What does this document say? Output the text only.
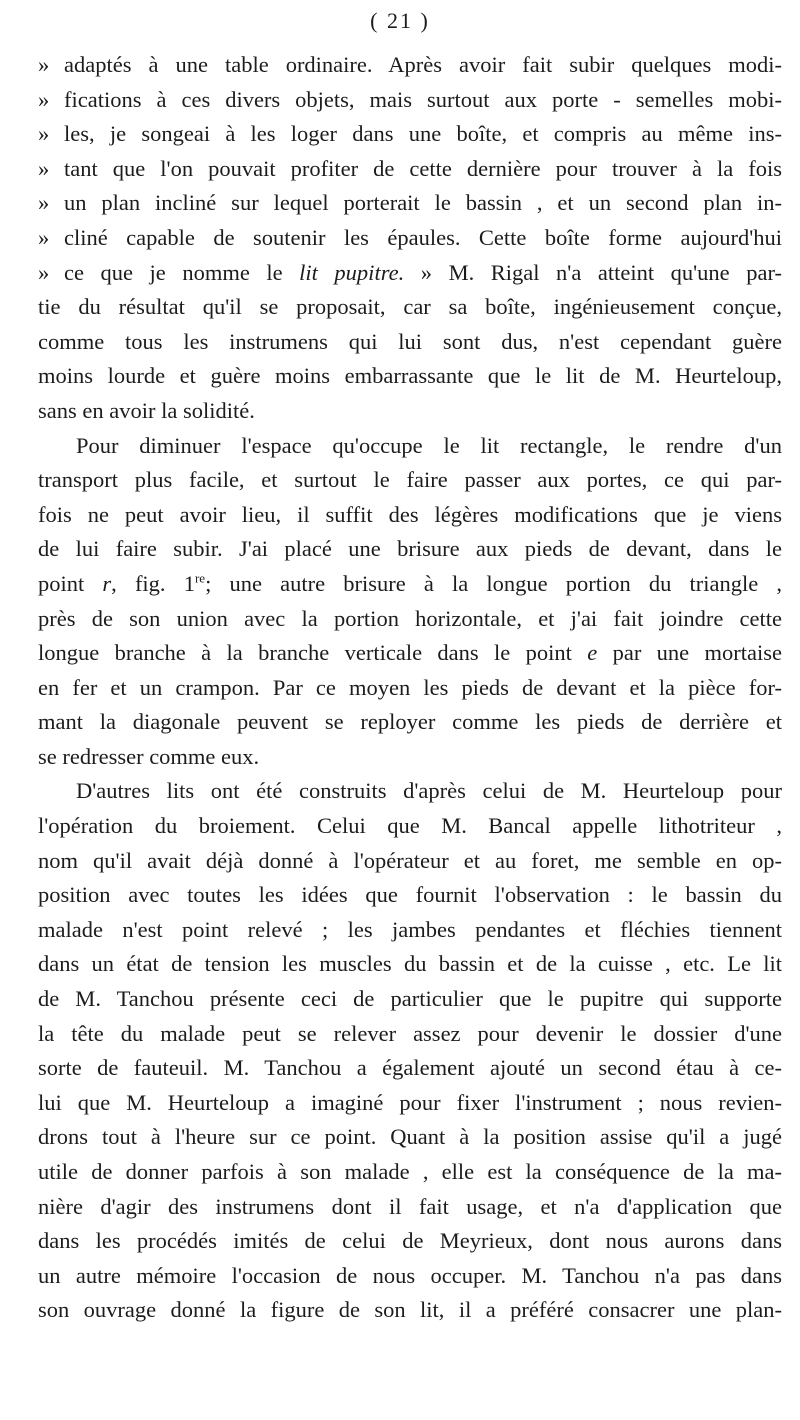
( 21 )
» adaptés à une table ordinaire. Après avoir fait subir quelques modi-
» fications à ces divers objets, mais surtout aux porte - semelles mobi-
» les, je songeai à les loger dans une boîte, et compris au même ins-
» tant que l'on pouvait profiter de cette dernière pour trouver à la fois
» un plan incliné sur lequel porterait le bassin , et un second plan in-
» cliné capable de soutenir les épaules. Cette boîte forme aujourd'hui
» ce que je nomme le lit pupitre. » M. Rigal n'a atteint qu'une par-
tie du résultat qu'il se proposait, car sa boîte, ingénieusement conçue,
comme tous les instrumens qui lui sont dus, n'est cependant guère
moins lourde et guère moins embarrassante que le lit de M. Heurteloup,
sans en avoir la solidité.
Pour diminuer l'espace qu'occupe le lit rectangle, le rendre d'un
transport plus facile, et surtout le faire passer aux portes, ce qui par-
fois ne peut avoir lieu, il suffit des légères modifications que je viens
de lui faire subir. J'ai placé une brisure aux pieds de devant, dans le
point r, fig. 1re; une autre brisure à la longue portion du triangle ,
près de son union avec la portion horizontale, et j'ai fait joindre cette
longue branche à la branche verticale dans le point e par une mortaise
en fer et un crampon. Par ce moyen les pieds de devant et la pièce for-
mant la diagonale peuvent se reployer comme les pieds de derrière et
se redresser comme eux.
D'autres lits ont été construits d'après celui de M. Heurteloup pour
l'opération du broiement. Celui que M. Bancal appelle lithotriteur ,
nom qu'il avait déjà donné à l'opérateur et au foret, me semble en op-
position avec toutes les idées que fournit l'observation : le bassin du
malade n'est point relevé ; les jambes pendantes et fléchies tiennent
dans un état de tension les muscles du bassin et de la cuisse , etc. Le lit
de M. Tanchou présente ceci de particulier que le pupitre qui supporte
la tête du malade peut se relever assez pour devenir le dossier d'une
sorte de fauteuil. M. Tanchou a également ajouté un second étau à ce-
lui que M. Heurteloup a imaginé pour fixer l'instrument ; nous revien-
drons tout à l'heure sur ce point. Quant à la position assise qu'il a jugé
utile de donner parfois à son malade , elle est la conséquence de la ma-
nière d'agir des instrumens dont il fait usage, et n'a d'application que
dans les procédés imités de celui de Meyrieux, dont nous aurons dans
un autre mémoire l'occasion de nous occuper. M. Tanchou n'a pas dans
son ouvrage donné la figure de son lit, il a préféré consacrer une plan-
